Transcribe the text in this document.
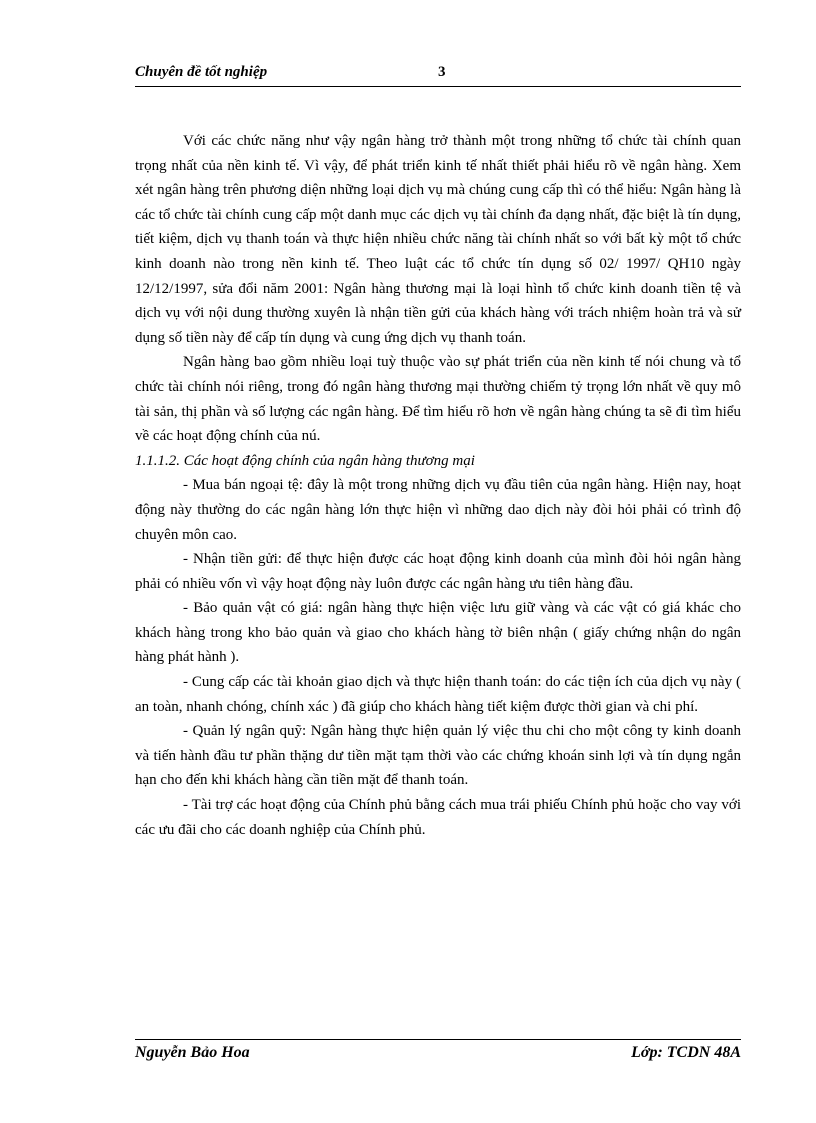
Chuyên đề tốt nghiệp	3

Với các chức năng như vậy ngân hàng trở thành một trong những tổ chức tài chính quan trọng nhất của nền kinh tế. Vì vậy, để phát triển kinh tế nhất thiết phải hiểu rõ về ngân hàng. Xem xét ngân hàng trên phương diện những loại dịch vụ mà chúng cung cấp thì có thể hiểu: Ngân hàng là các tổ chức tài chính cung cấp một danh mục các dịch vụ tài chính đa dạng nhất, đặc biệt là tín dụng, tiết kiệm, dịch vụ thanh toán và thực hiện nhiều chức năng tài chính nhất so với bất kỳ một tổ chức kinh doanh nào trong nền kinh tế. Theo luật các tổ chức tín dụng số 02/ 1997/ QH10 ngày 12/12/1997, sửa đổi năm 2001: Ngân hàng thương mại là loại hình tổ chức kinh doanh tiền tệ và dịch vụ với nội dung thường xuyên là nhận tiền gửi của khách hàng với trách nhiệm hoàn trả và sử dụng số tiền này để cấp tín dụng và cung ứng dịch vụ thanh toán.

Ngân hàng bao gồm nhiều loại tuỳ thuộc vào sự phát triển của nền kinh tế nói chung và tổ chức tài chính nói riêng, trong đó ngân hàng thương mại thường chiếm tỷ trọng lớn nhất về quy mô tài sản, thị phần và số lượng các ngân hàng. Để tìm hiểu rõ hơn về ngân hàng chúng ta sẽ đi tìm hiểu về các hoạt động chính của nú.

1.1.1.2. Các hoạt động chính của ngân hàng thương mại

- Mua bán ngoại tệ: đây là một trong những dịch vụ đầu tiên của ngân hàng. Hiện nay, hoạt động này thường do các ngân hàng lớn thực hiện vì những dao dịch này đòi hỏi phải có trình độ chuyên môn cao.

- Nhận tiền gửi: để thực hiện được các hoạt động kinh doanh của mình đòi hỏi ngân hàng phải có nhiều vốn vì vậy hoạt động này luôn được các ngân hàng ưu tiên hàng đầu.

- Bảo quản vật có giá: ngân hàng thực hiện việc lưu giữ vàng và các vật có giá khác cho khách hàng trong kho bảo quản và giao cho khách hàng tờ biên nhận ( giấy chứng nhận do ngân hàng phát hành ).

- Cung cấp các tài khoản giao dịch và thực hiện thanh toán: do các tiện ích của dịch vụ này ( an toàn, nhanh chóng, chính xác ) đã giúp cho khách hàng tiết kiệm được thời gian và chi phí.

- Quản lý ngân quỹ: Ngân hàng thực hiện quản lý việc thu chi cho một công ty kinh doanh và tiến hành đầu tư phần thặng dư tiền mặt tạm thời vào các chứng khoán sinh lợi và tín dụng ngắn hạn cho đến khi khách hàng cần tiền mặt để thanh toán.

- Tài trợ các hoạt động của Chính phủ bằng cách mua trái phiếu Chính phủ hoặc cho vay với các ưu đãi cho các doanh nghiệp của Chính phủ.

Nguyễn Bảo Hoa	Lớp: TCDN 48A
